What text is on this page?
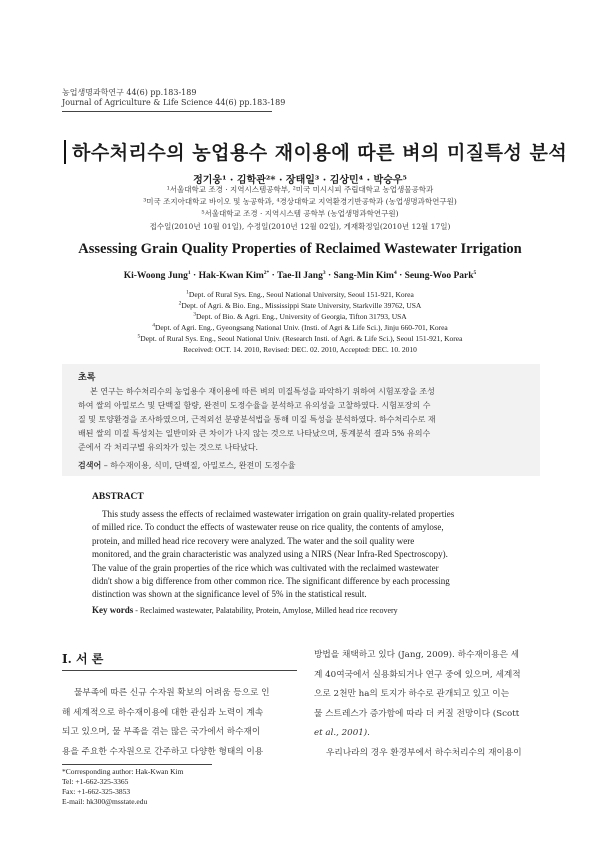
농업생명과학연구 44(6) pp.183-189
Journal of Agriculture & Life Science 44(6) pp.183-189
하수처리수의 농업용수 재이용에 따른 벼의 미질특성 분석
정기웅¹ · 김학관²* · 장태일³ · 김상민⁴ · 박승우⁵
¹서울대학교 조경 · 지역시스템공학부, ²미국 미시시피 주립대학교 농업생물공학과
³미국 조지아대학교 바이오 및 농공학과, ⁴경상대학교 지역환경기반공학과 (농업생명과학연구원)
⁵서울대학교 조경 · 지역시스템 공학부 (농업생명과학연구원)
접수일(2010년 10월 01일), 수정일(2010년 12월 02일), 게재확정일(2010년 12월 17일)
Assessing Grain Quality Properties of Reclaimed Wastewater Irrigation
Ki-Woong Jung$^1$ · Hak-Kwan Kim$^{2*}$ · Tae-Il Jang$^3$ · Sang-Min Kim$^4$ · Seung-Woo Park$^5$
$^1$Dept. of Rural Sys. Eng., Seoul National University, Seoul 151-921, Korea
$^2$Dept. of Agri. & Bio. Eng., Mississippi State University, Starkville 39762, USA
$^3$Dept. of Bio. & Agri. Eng., University of Georgia, Tifton 31793, USA
$^4$Dept. of Agri. Eng., Gyeongsang National Univ. (Insti. of Agri & Life Sci.), Jinju 660-701, Korea
$^5$Dept. of Rural Sys. Eng., Seoul National Univ. (Research Insti. of Agri. & Life Sci.), Seoul 151-921, Korea
Received: OCT. 14. 2010, Revised: DEC. 02. 2010, Accepted: DEC. 10. 2010
초록
본 연구는 하수처리수의 농업용수 재이용에 따른 벼의 미질특성을 파악하기 위하여 시험포장을 조성
하여 쌀의 아밀로스 및 단백질 함량, 완전미 도정수율을 분석하고 유의성을 고찰하였다. 시험포장의 수
질 및 토양환경을 조사하였으며, 근적외선 분광분석법을 통해 미질 특성을 분석하였다. 하수처리수로 재
배된 쌀의 미질 특성치는 일반미와 큰 차이가 나지 않는 것으로 나타났으며, 통계분석 결과 5% 유의수
준에서 각 처리구별 유의차가 있는 것으로 나타났다.
검색어 – 하수재이용, 식미, 단백질, 아밀로스, 완전미 도정수율
ABSTRACT
This study assess the effects of reclaimed wastewater irrigation on grain quality-related properties
of milled rice. To conduct the effects of wastewater reuse on rice quality, the contents of amylose,
protein, and milled head rice recovery were analyzed. The water and the soil quality were
monitored, and the grain characteristic was analyzed using a NIRS (Near Infra-Red Spectroscopy).
The value of the grain properties of the rice which was cultivated with the reclaimed wastewater
didn't show a big difference from other common rice. The significant difference by each processing
distinction was shown at the significance level of 5% in the statistical result.
Key words - Reclaimed wastewater, Palatability, Protein, Amylose, Milled head rice recovery
Ⅰ. 서 론
물부족에 따른 신규 수자원 확보의 어려움 등으로 인
해 세계적으로 하수재이용에 대한 관심과 노력이 계속
되고 있으며, 물 부족을 겪는 많은 국가에서 하수재이
용을 주요한 수자원으로 간주하고 다양한 형태의 이용
방법을 채택하고 있다 (Jang, 2009). 하수재이용은 세
계 40여국에서 실용화되거나 연구 중에 있으며, 세계적
으로 2천만 ha의 토지가 하수로 관개되고 있고 이는
물 스트레스가 증가함에 따라 더 커질 전망이다 (Scott
et al., 2001).
우리나라의 경우 환경부에서 하수처리수의 재이용이
*Corresponding author: Hak-Kwan Kim
Tel: +1-662-325-3365
Fax: +1-662-325-3853
E-mail: hk300@msstate.edu
